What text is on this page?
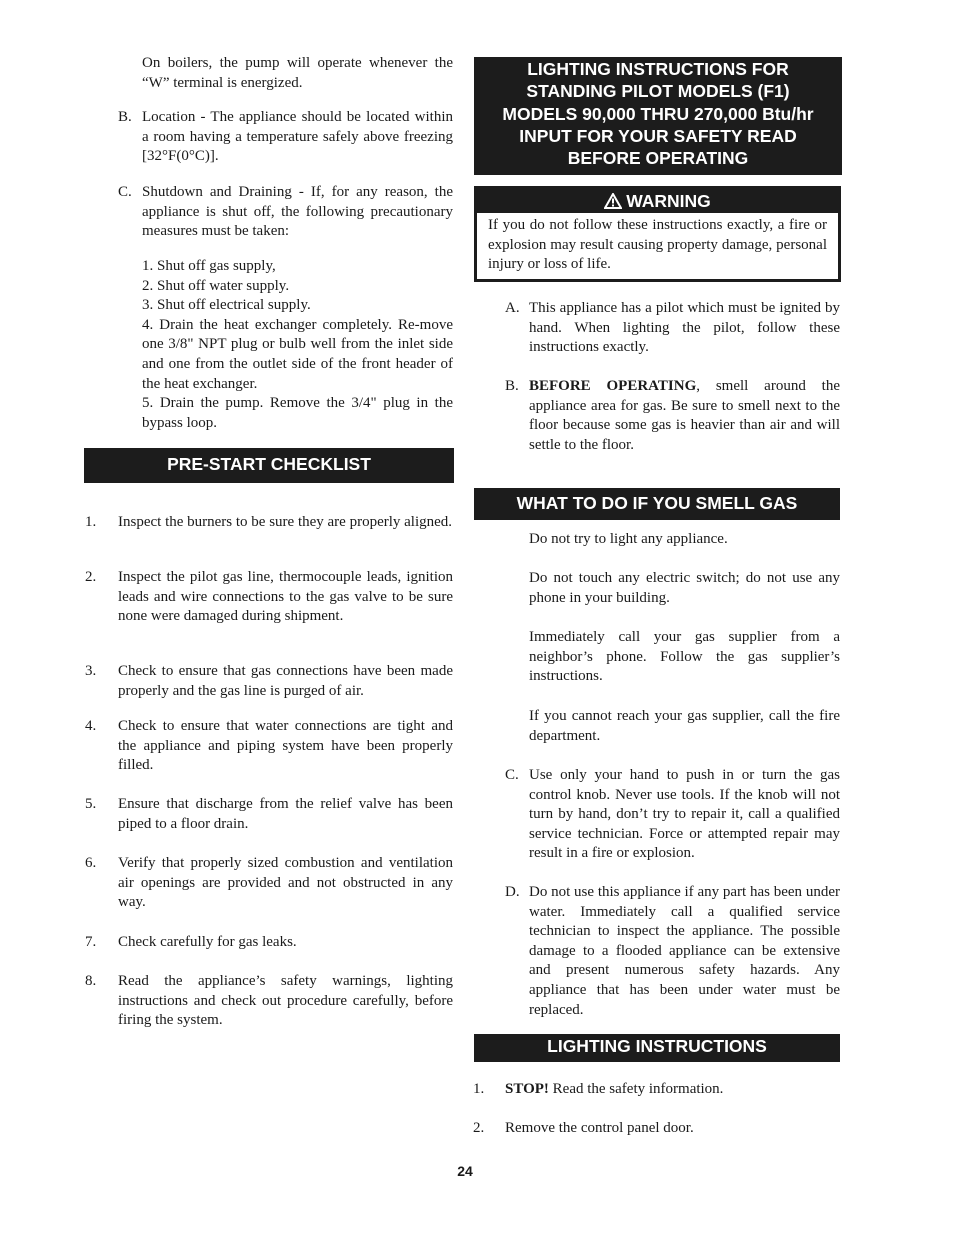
On boilers, the pump will operate whenever the “W” terminal is energized.
B. Location - The appliance should be located within a room having a temperature safely above freezing [32°F(0°C)].
C. Shutdown and Draining - If, for any reason, the appliance is shut off, the following precautionary measures must be taken:
1. Shut off gas supply,
2. Shut off water supply.
3. Shut off electrical supply.
4. Drain the heat exchanger completely. Re-move one 3/8" NPT plug or bulb well from the inlet side and one from the outlet side of the front header of the heat exchanger.
5. Drain the pump. Remove the 3/4" plug in the bypass loop.
PRE-START CHECKLIST
1. Inspect the burners to be sure they are properly aligned.
2. Inspect the pilot gas line, thermocouple leads, ignition leads and wire connections to the gas valve to be sure none were damaged during shipment.
3. Check to ensure that gas connections have been made properly and the gas line is purged of air.
4. Check to ensure that water connections are tight and the appliance and piping system have been properly filled.
5. Ensure that discharge from the relief valve has been piped to a floor drain.
6. Verify that properly sized combustion and ventilation air openings are provided and not obstructed in any way.
7. Check carefully for gas leaks.
8. Read the appliance’s safety warnings, lighting instructions and check out procedure carefully, before firing the system.
LIGHTING INSTRUCTIONS FOR
STANDING PILOT MODELS (F1)
MODELS 90,000 THRU 270,000 Btu/hr
INPUT FOR YOUR SAFETY READ
BEFORE OPERATING
WARNING
If you do not follow these instructions exactly, a fire or explosion may result causing property damage, personal injury or loss of life.
A. This appliance has a pilot which must be ignited by hand. When lighting the pilot, follow these instructions exactly.
B. BEFORE OPERATING, smell around the appliance area for gas. Be sure to smell next to the floor because some gas is heavier than air and will settle to the floor.
WHAT TO DO IF YOU SMELL GAS
Do not try to light any appliance.
Do not touch any electric switch; do not use any phone in your building.
Immediately call your gas supplier from a neighbor’s phone. Follow the gas supplier’s instructions.
If you cannot reach your gas supplier, call the fire department.
C. Use only your hand to push in or turn the gas control knob. Never use tools. If the knob will not turn by hand, don’t try to repair it, call a qualified service technician. Force or attempted repair may result in a fire or explosion.
D. Do not use this appliance if any part has been under water. Immediately call a qualified service technician to inspect the appliance. The possible damage to a flooded appliance can be extensive and present numerous safety hazards. Any appliance that has been under water must be replaced.
LIGHTING INSTRUCTIONS
1. STOP! Read the safety information.
2. Remove the control panel door.
24
